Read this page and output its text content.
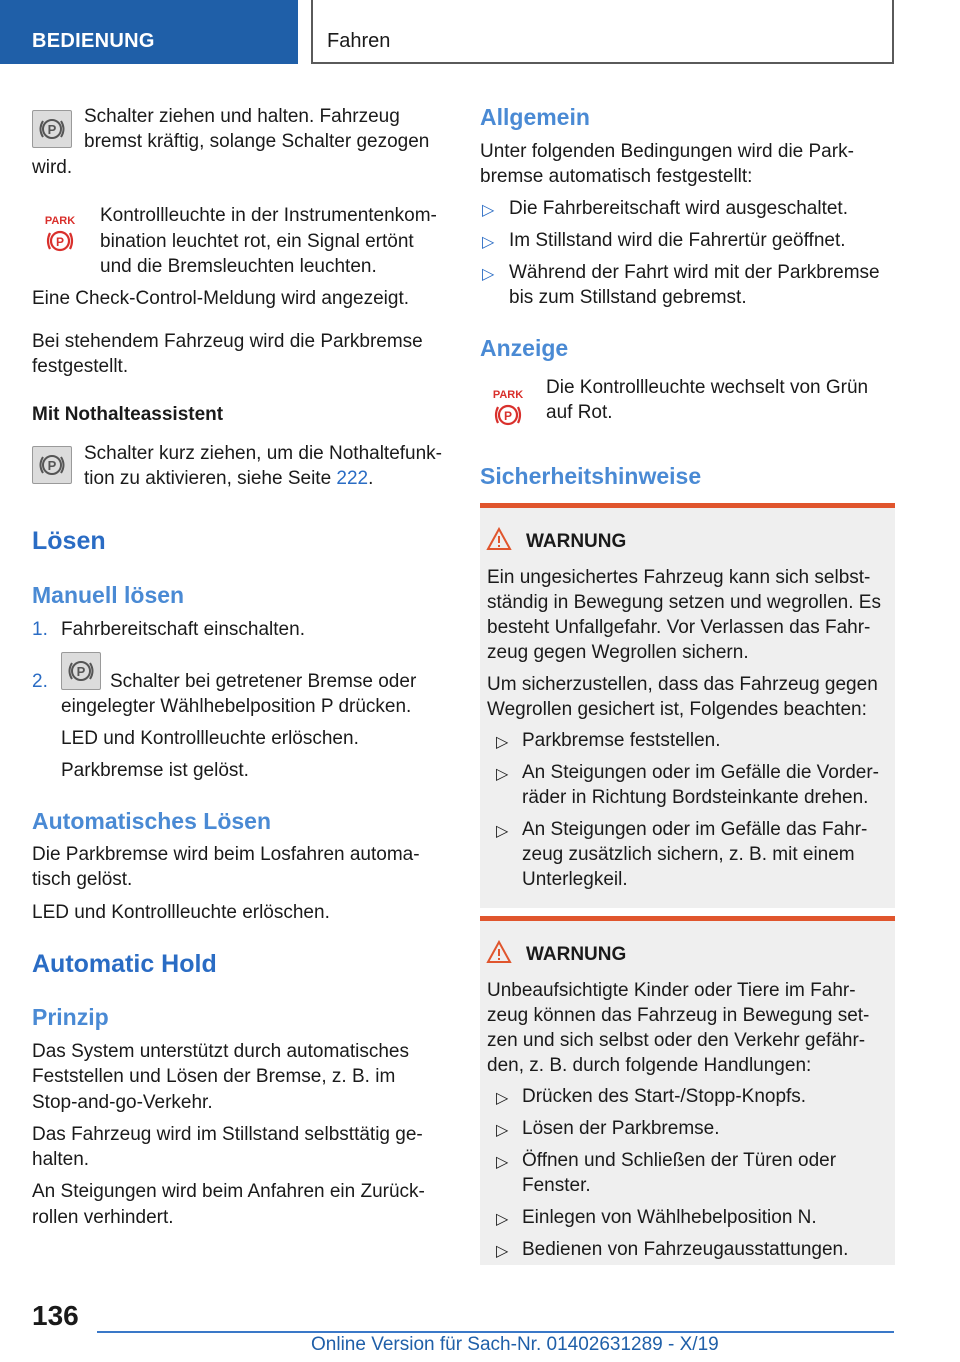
BEDIENUNG	Fahren
P

Schalter ziehen und halten. Fahrzeug

bremst kräftig, solange Schalter gezogen

wird.

PARK
P

Kontrollleuchte in der Instrumentenkom-

bination leuchtet rot, ein Signal ertönt

und die Bremsleuchten leuchten.

Eine Check-Control-Meldung wird angezeigt.

Bei stehendem Fahrzeug wird die Parkbremse

festgestellt.

Mit Nothalteassistent
P

Schalter kurz ziehen, um die Nothaltefunk-

tion zu aktivieren, siehe Seite 222.

Lösen
Manuell lösen
1. Fahrbereitschaft einschalten.

2. P Schalter bei getretener Bremse oder

eingelegter Wählhebelposition P drücken.

LED und Kontrollleuchte erlöschen.

Parkbremse ist gelöst.

Automatisches Lösen

Die Parkbremse wird beim Losfahren automa-

tisch gelöst.

LED und Kontrollleuchte erlöschen.

Automatic Hold
Prinzip

Das System unterstützt durch automatisches

Feststellen und Lösen der Bremse, z. B. im

Stop-and-go-Verkehr.

Das Fahrzeug wird im Stillstand selbsttätig ge-

halten.

An Steigungen wird beim Anfahren ein Zurück-

rollen verhindert.

Allgemein

Unter folgenden Bedingungen wird die Park-

bremse automatisch festgestellt:

▷ Die Fahrbereitschaft wird ausgeschaltet.

▷ Im Stillstand wird die Fahrertür geöffnet.

▷ Während der Fahrt wird mit der Parkbremse

bis zum Stillstand gebremst.

Anzeige
PARK
P

Die Kontrollleuchte wechselt von Grün

auf Rot.

Sicherheitshinweise
WARNUNG

Ein ungesichertes Fahrzeug kann sich selbst-

ständig in Bewegung setzen und wegrollen. Es

besteht Unfallgefahr. Vor Verlassen das Fahr-

zeug gegen Wegrollen sichern.

Um sicherzustellen, dass das Fahrzeug gegen

Wegrollen gesichert ist, Folgendes beachten:

▷ Parkbremse feststellen.

▷ An Steigungen oder im Gefälle die Vorder-

räder in Richtung Bordsteinkante drehen.

▷ An Steigungen oder im Gefälle das Fahr-

zeug zusätzlich sichern, z. B. mit einem

Unterlegkeil.

WARNUNG

Unbeaufsichtigte Kinder oder Tiere im Fahr-

zeug können das Fahrzeug in Bewegung set-

zen und sich selbst oder den Verkehr gefähr-

den, z. B. durch folgende Handlungen:

▷ Drücken des Start-/Stopp-Knopfs.

▷ Lösen der Parkbremse.

▷ Öffnen und Schließen der Türen oder

Fenster.

▷ Einlegen von Wählhebelposition N.

▷ Bedienen von Fahrzeugausstattungen.

136
Online Version für Sach-Nr. 01402631289 - X/19
